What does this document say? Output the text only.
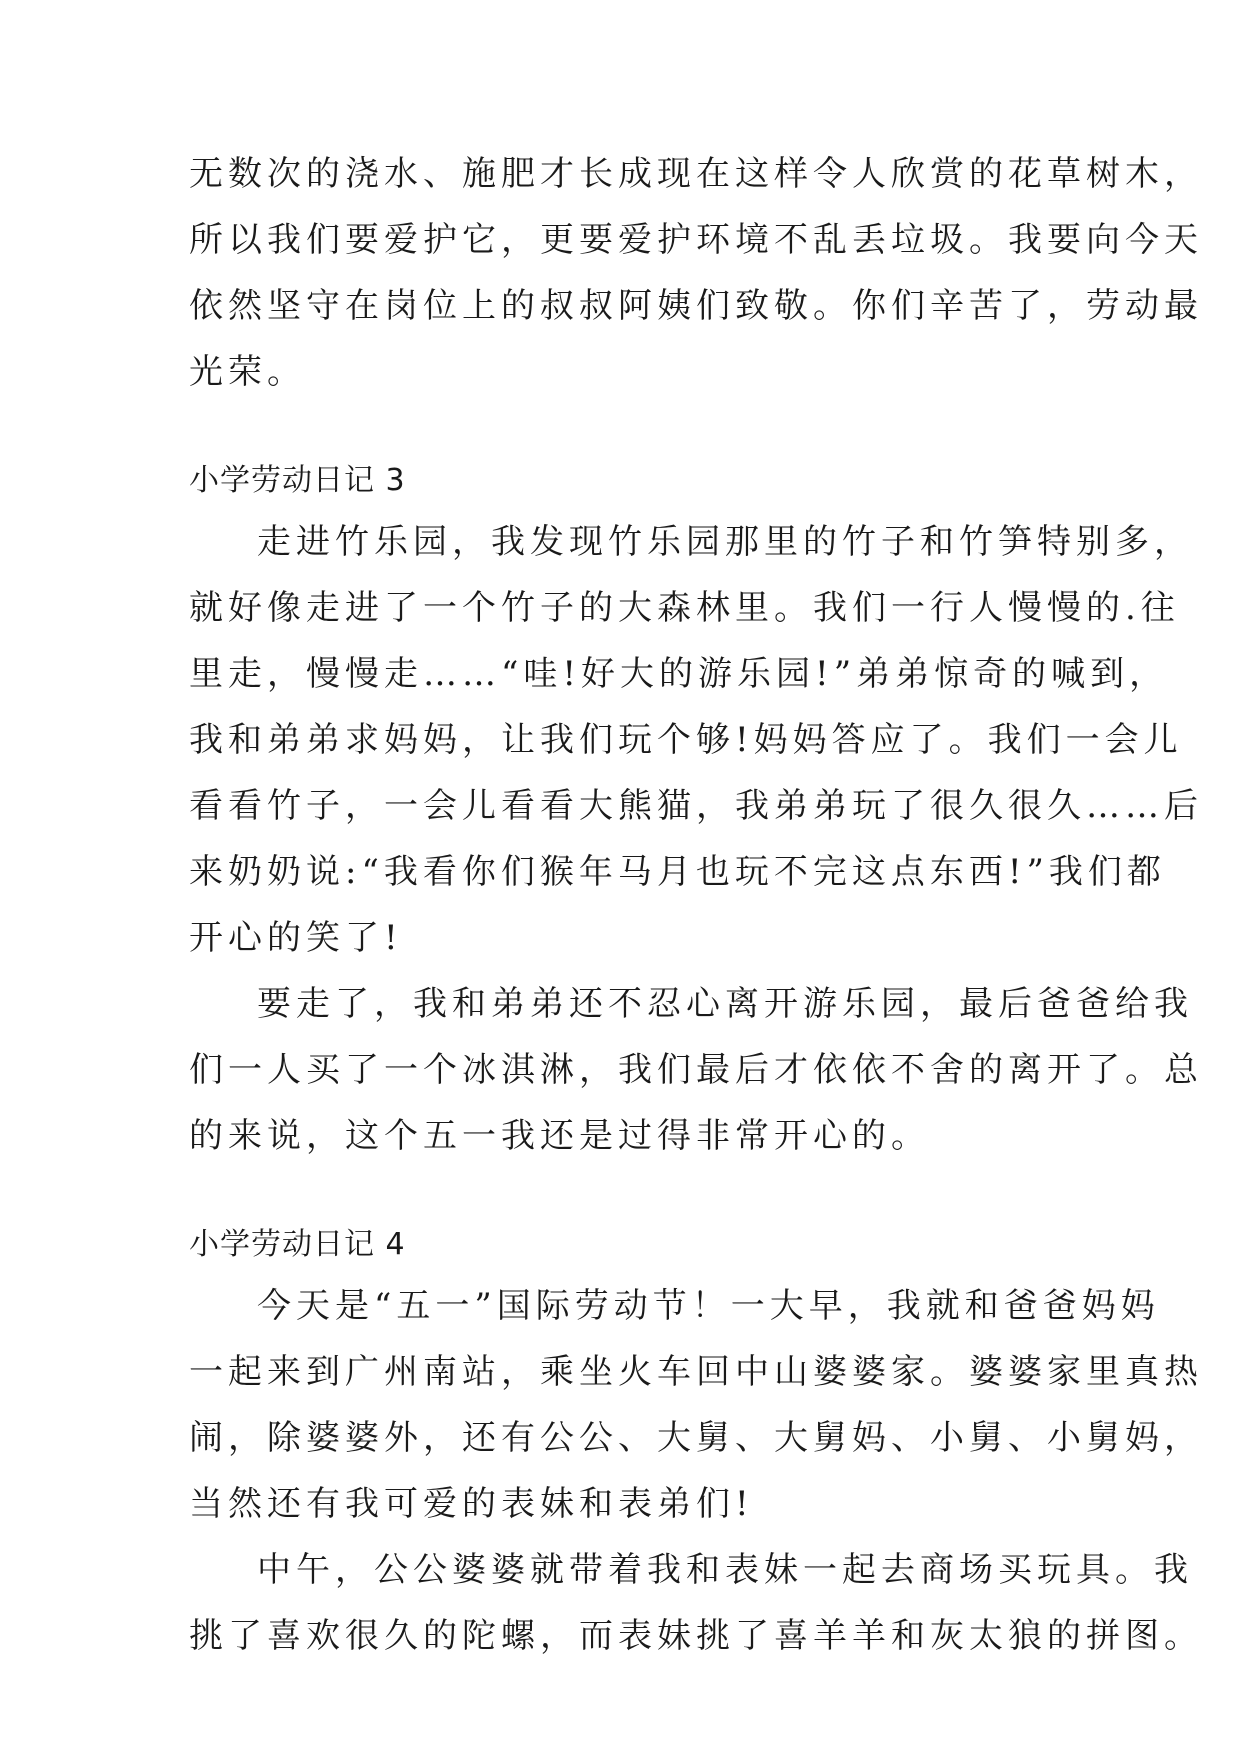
无数次的浇水、施肥才长成现在这样令人欣赏的花草树木，
所以我们要爱护它，更要爱护环境不乱丢垃圾。我要向今天
依然坚守在岗位上的叔叔阿姨们致敬。你们辛苦了，劳动最
光荣。
小学劳动日记 3
走进竹乐园，我发现竹乐园那里的竹子和竹笋特别多，
就好像走进了一个竹子的大森林里。我们一行人慢慢的.往
里走，慢慢走……“哇!好大的游乐园!”弟弟惊奇的喊到，
我和弟弟求妈妈，让我们玩个够!妈妈答应了。我们一会儿
看看竹子，一会儿看看大熊猫，我弟弟玩了很久很久……后
来奶奶说:“我看你们猴年马月也玩不完这点东西!”我们都
开心的笑了!
要走了，我和弟弟还不忍心离开游乐园，最后爸爸给我
们一人买了一个冰淇淋，我们最后才依依不舍的离开了。总
的来说，这个五一我还是过得非常开心的。
小学劳动日记 4
今天是“五一”国际劳动节！一大早，我就和爸爸妈妈
一起来到广州南站，乘坐火车回中山婆婆家。婆婆家里真热
闹，除婆婆外，还有公公、大舅、大舅妈、小舅、小舅妈，
当然还有我可爱的表妹和表弟们!
中午，公公婆婆就带着我和表妹一起去商场买玩具。我
挑了喜欢很久的陀螺，而表妹挑了喜羊羊和灰太狼的拼图。
